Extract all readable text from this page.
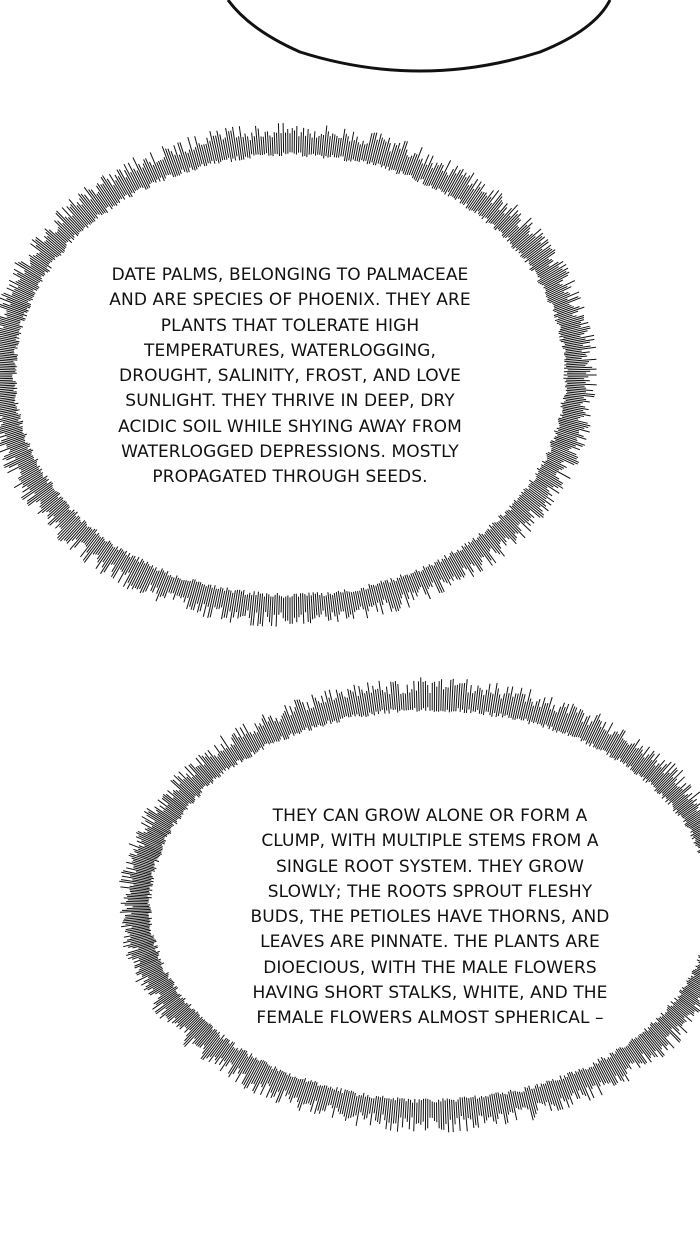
DATE PALMS, BELONGING TO PALMACEAE
AND ARE SPECIES OF PHOENIX. THEY ARE
PLANTS THAT TOLERATE HIGH
TEMPERATURES, WATERLOGGING,
DROUGHT, SALINITY, FROST, AND LOVE
SUNLIGHT. THEY THRIVE IN DEEP, DRY
ACIDIC SOIL WHILE SHYING AWAY FROM
WATERLOGGED DEPRESSIONS. MOSTLY
PROPAGATED THROUGH SEEDS.
THEY CAN GROW ALONE OR FORM A
CLUMP, WITH MULTIPLE STEMS FROM A
SINGLE ROOT SYSTEM. THEY GROW
SLOWLY; THE ROOTS SPROUT FLESHY
BUDS, THE PETIOLES HAVE THORNS, AND
LEAVES ARE PINNATE. THE PLANTS ARE
DIOECIOUS, WITH THE MALE FLOWERS
HAVING SHORT STALKS, WHITE, AND THE
FEMALE FLOWERS ALMOST SPHERICAL –
